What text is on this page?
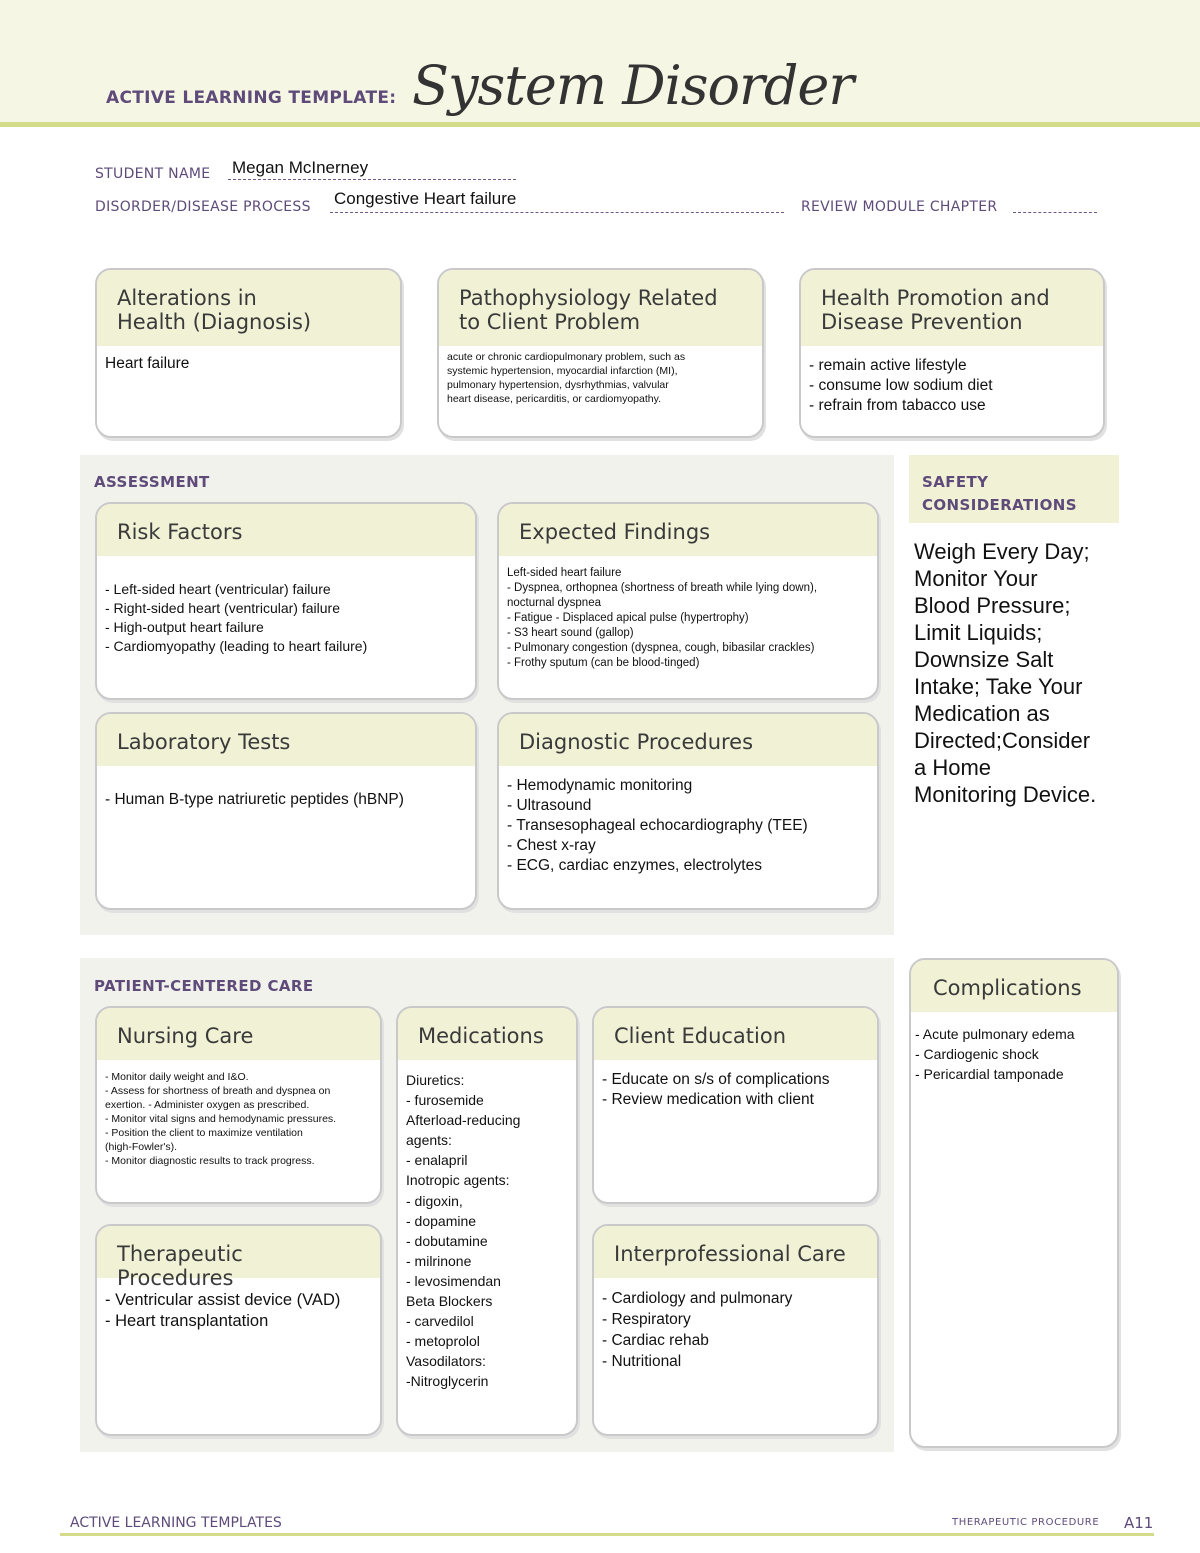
ACTIVE LEARNING TEMPLATE: System Disorder
STUDENT NAME Megan McInerney
DISORDER/DISEASE PROCESS Congestive Heart failure	REVIEW MODULE CHAPTER
Alterations in
Health (Diagnosis)
Heart failure
Pathophysiology Related
to Client Problem
acute or chronic cardiopulmonary problem, such as
systemic hypertension, myocardial infarction (MI),
pulmonary hypertension, dysrhythmias, valvular
heart disease, pericarditis, or cardiomyopathy.
Health Promotion and
Disease Prevention
- remain active lifestyle
- consume low sodium diet
- refrain from tabacco use
ASSESSMENT
Risk Factors
- Left-sided heart (ventricular) failure
- Right-sided heart (ventricular) failure
- High-output heart failure
- Cardiomyopathy (leading to heart failure)
Expected Findings
Left-sided heart failure
- Dyspnea, orthopnea (shortness of breath while lying down),
nocturnal dyspnea
- Fatigue - Displaced apical pulse (hypertrophy)
- S3 heart sound (gallop)
- Pulmonary congestion (dyspnea, cough, bibasilar crackles)
- Frothy sputum (can be blood-tinged)
Laboratory Tests
- Human B-type natriuretic peptides (hBNP)
Diagnostic Procedures
- Hemodynamic monitoring
- Ultrasound
- Transesophageal echocardiography (TEE)
- Chest x-ray
- ECG, cardiac enzymes, electrolytes
SAFETY
CONSIDERATIONS
Weigh Every Day;
Monitor Your
Blood Pressure;
Limit Liquids;
Downsize Salt
Intake; Take Your
Medication as
Directed;Consider
a Home
Monitoring Device.
PATIENT-CENTERED CARE
Nursing Care
- Monitor daily weight and I&O.
- Assess for shortness of breath and dyspnea on
exertion. - Administer oxygen as prescribed.
- Monitor vital signs and hemodynamic pressures.
- Position the client to maximize ventilation
(high-Fowler's).
- Monitor diagnostic results to track progress.
Medications
Diuretics:
- furosemide
Afterload-reducing
agents:
- enalapril
Inotropic agents:
- digoxin,
- dopamine
- dobutamine
- milrinone
- levosimendan
Beta Blockers
- carvedilol
- metoprolol
Vasodilators:
-Nitroglycerin
Client Education
- Educate on s/s of complications
- Review medication with client
Therapeutic Procedures
- Ventricular assist device (VAD)
- Heart transplantation
Interprofessional Care
- Cardiology and pulmonary
- Respiratory
- Cardiac rehab
- Nutritional
Complications
- Acute pulmonary edema
- Cardiogenic shock
- Pericardial tamponade
ACTIVE LEARNING TEMPLATES	THERAPEUTIC PROCEDURE A11
